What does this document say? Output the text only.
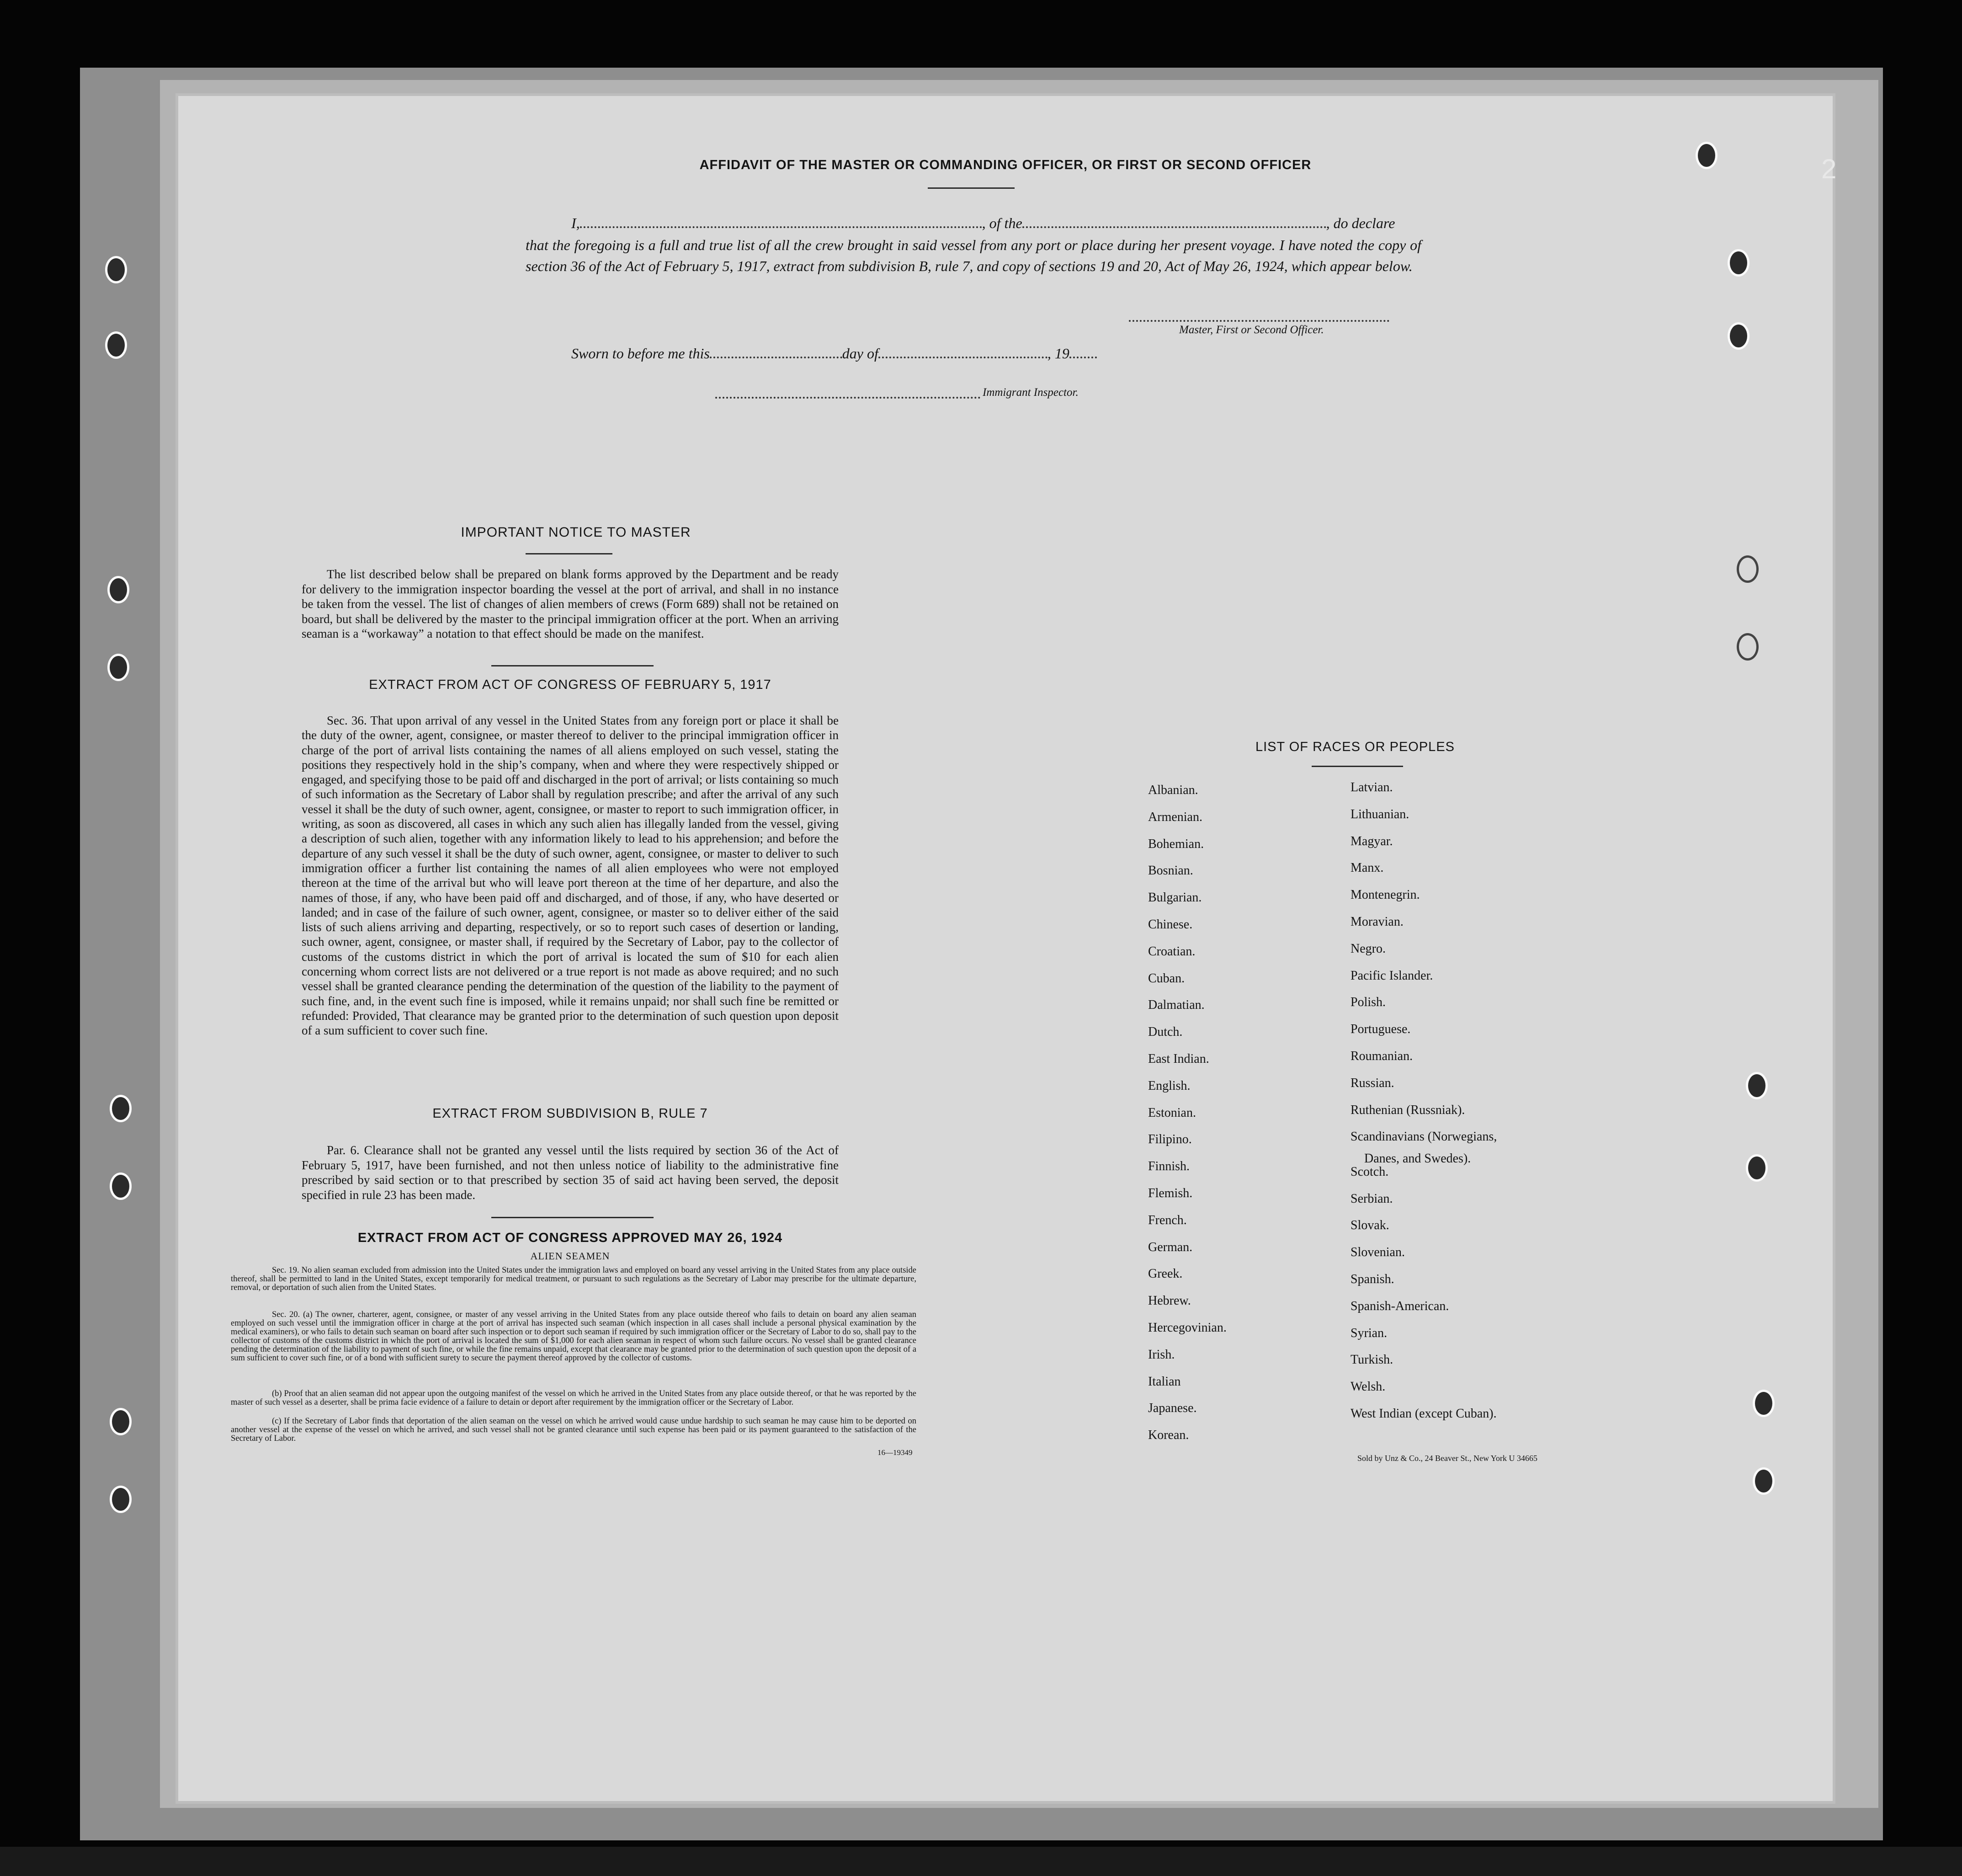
2
AFFIDAVIT OF THE MASTER OR COMMANDING OFFICER, OR FIRST OR SECOND OFFICER
I,	, of the	, do declare
that the foregoing is a full and true list of all the crew brought in said vessel from any port or place during her present voyage. I have noted the copy of section 36 of the Act of February 5, 1917, extract from subdivision B, rule 7, and copy of sections 19 and 20, Act of May 26, 1924, which appear below.
Master, First or Second Officer.
Sworn to before me this	day of	, 19
Immigrant Inspector.
IMPORTANT NOTICE TO MASTER
The list described below shall be prepared on blank forms approved by the Department and be ready for delivery to the immigration inspector boarding the vessel at the port of arrival, and shall in no instance be taken from the vessel. The list of changes of alien members of crews (Form 689) shall not be retained on board, but shall be delivered by the master to the principal immigration officer at the port. When an arriving seaman is a “workaway” a notation to that effect should be made on the manifest.
EXTRACT FROM ACT OF CONGRESS OF FEBRUARY 5, 1917
Sec. 36. That upon arrival of any vessel in the United States from any foreign port or place it shall be the duty of the owner, agent, consignee, or master thereof to deliver to the principal immigration officer in charge of the port of arrival lists containing the names of all aliens employed on such vessel, stating the positions they respectively hold in the ship’s company, when and where they were respectively shipped or engaged, and specifying those to be paid off and discharged in the port of arrival; or lists containing so much of such information as the Secretary of Labor shall by regulation prescribe; and after the arrival of any such vessel it shall be the duty of such owner, agent, consignee, or master to report to such immigration officer, in writing, as soon as discovered, all cases in which any such alien has illegally landed from the vessel, giving a description of such alien, together with any information likely to lead to his apprehension; and before the departure of any such vessel it shall be the duty of such owner, agent, consignee, or master to deliver to such immigration officer a further list containing the names of all alien employees who were not employed thereon at the time of the arrival but who will leave port thereon at the time of her departure, and also the names of those, if any, who have been paid off and discharged, and of those, if any, who have deserted or landed; and in case of the failure of such owner, agent, consignee, or master so to deliver either of the said lists of such aliens arriving and departing, respectively, or so to report such cases of desertion or landing, such owner, agent, consignee, or master shall, if required by the Secretary of Labor, pay to the collector of customs of the customs district in which the port of arrival is located the sum of $10 for each alien concerning whom correct lists are not delivered or a true report is not made as above required; and no such vessel shall be granted clearance pending the determination of the question of the liability to the payment of such fine, and, in the event such fine is imposed, while it remains unpaid; nor shall such fine be remitted or refunded: Provided, That clearance may be granted prior to the determination of such question upon deposit of a sum sufficient to cover such fine.
EXTRACT FROM SUBDIVISION B, RULE 7
Par. 6. Clearance shall not be granted any vessel until the lists required by section 36 of the Act of February 5, 1917, have been furnished, and not then unless notice of liability to the administrative fine prescribed by said section or to that prescribed by section 35 of said act having been served, the deposit specified in rule 23 has been made.
EXTRACT FROM ACT OF CONGRESS APPROVED MAY 26, 1924
ALIEN SEAMEN
Sec. 19. No alien seaman excluded from admission into the United States under the immigration laws and employed on board any vessel arriving in the United States from any place outside thereof, shall be permitted to land in the United States, except temporarily for medical treatment, or pursuant to such regulations as the Secretary of Labor may prescribe for the ultimate departure, removal, or deportation of such alien from the United States.
Sec. 20. (a) The owner, charterer, agent, consignee, or master of any vessel arriving in the United States from any place outside thereof who fails to detain on board any alien seaman employed on such vessel until the immigration officer in charge at the port of arrival has inspected such seaman (which inspection in all cases shall include a personal physical examination by the medical examiners), or who fails to detain such seaman on board after such inspection or to deport such seaman if required by such immigration officer or the Secretary of Labor to do so, shall pay to the collector of customs of the customs district in which the port of arrival is located the sum of $1,000 for each alien seaman in respect of whom such failure occurs. No vessel shall be granted clearance pending the determination of the liability to payment of such fine, or while the fine remains unpaid, except that clearance may be granted prior to the determination of such question upon the deposit of a sum sufficient to cover such fine, or of a bond with sufficient surety to secure the payment thereof approved by the collector of customs.
(b) Proof that an alien seaman did not appear upon the outgoing manifest of the vessel on which he arrived in the United States from any place outside thereof, or that he was reported by the master of such vessel as a deserter, shall be prima facie evidence of a failure to detain or deport after requirement by the immigration officer or the Secretary of Labor.
(c) If the Secretary of Labor finds that deportation of the alien seaman on the vessel on which he arrived would cause undue hardship to such seaman he may cause him to be deported on another vessel at the expense of the vessel on which he arrived, and such vessel shall not be granted clearance until such expense has been paid or its payment guaranteed to the satisfaction of the Secretary of Labor.
16—19349
LIST OF RACES OR PEOPLES
Albanian.
Armenian.
Bohemian.
Bosnian.
Bulgarian.
Chinese.
Croatian.
Cuban.
Dalmatian.
Dutch.
East Indian.
English.
Estonian.
Filipino.
Finnish.
Flemish.
French.
German.
Greek.
Hebrew.
Hercegovinian.
Irish.
Italian
Japanese.
Korean.
Latvian.
Lithuanian.
Magyar.
Manx.
Montenegrin.
Moravian.
Negro.
Pacific Islander.
Polish.
Portuguese.
Roumanian.
Russian.
Ruthenian (Russniak).
Scandinavians (Norwegians,
Danes, and Swedes).
Scotch.
Serbian.
Slovak.
Slovenian.
Spanish.
Spanish-American.
Syrian.
Turkish.
Welsh.
West Indian (except Cuban).
Sold by Unz & Co., 24 Beaver St., New York U 34665
